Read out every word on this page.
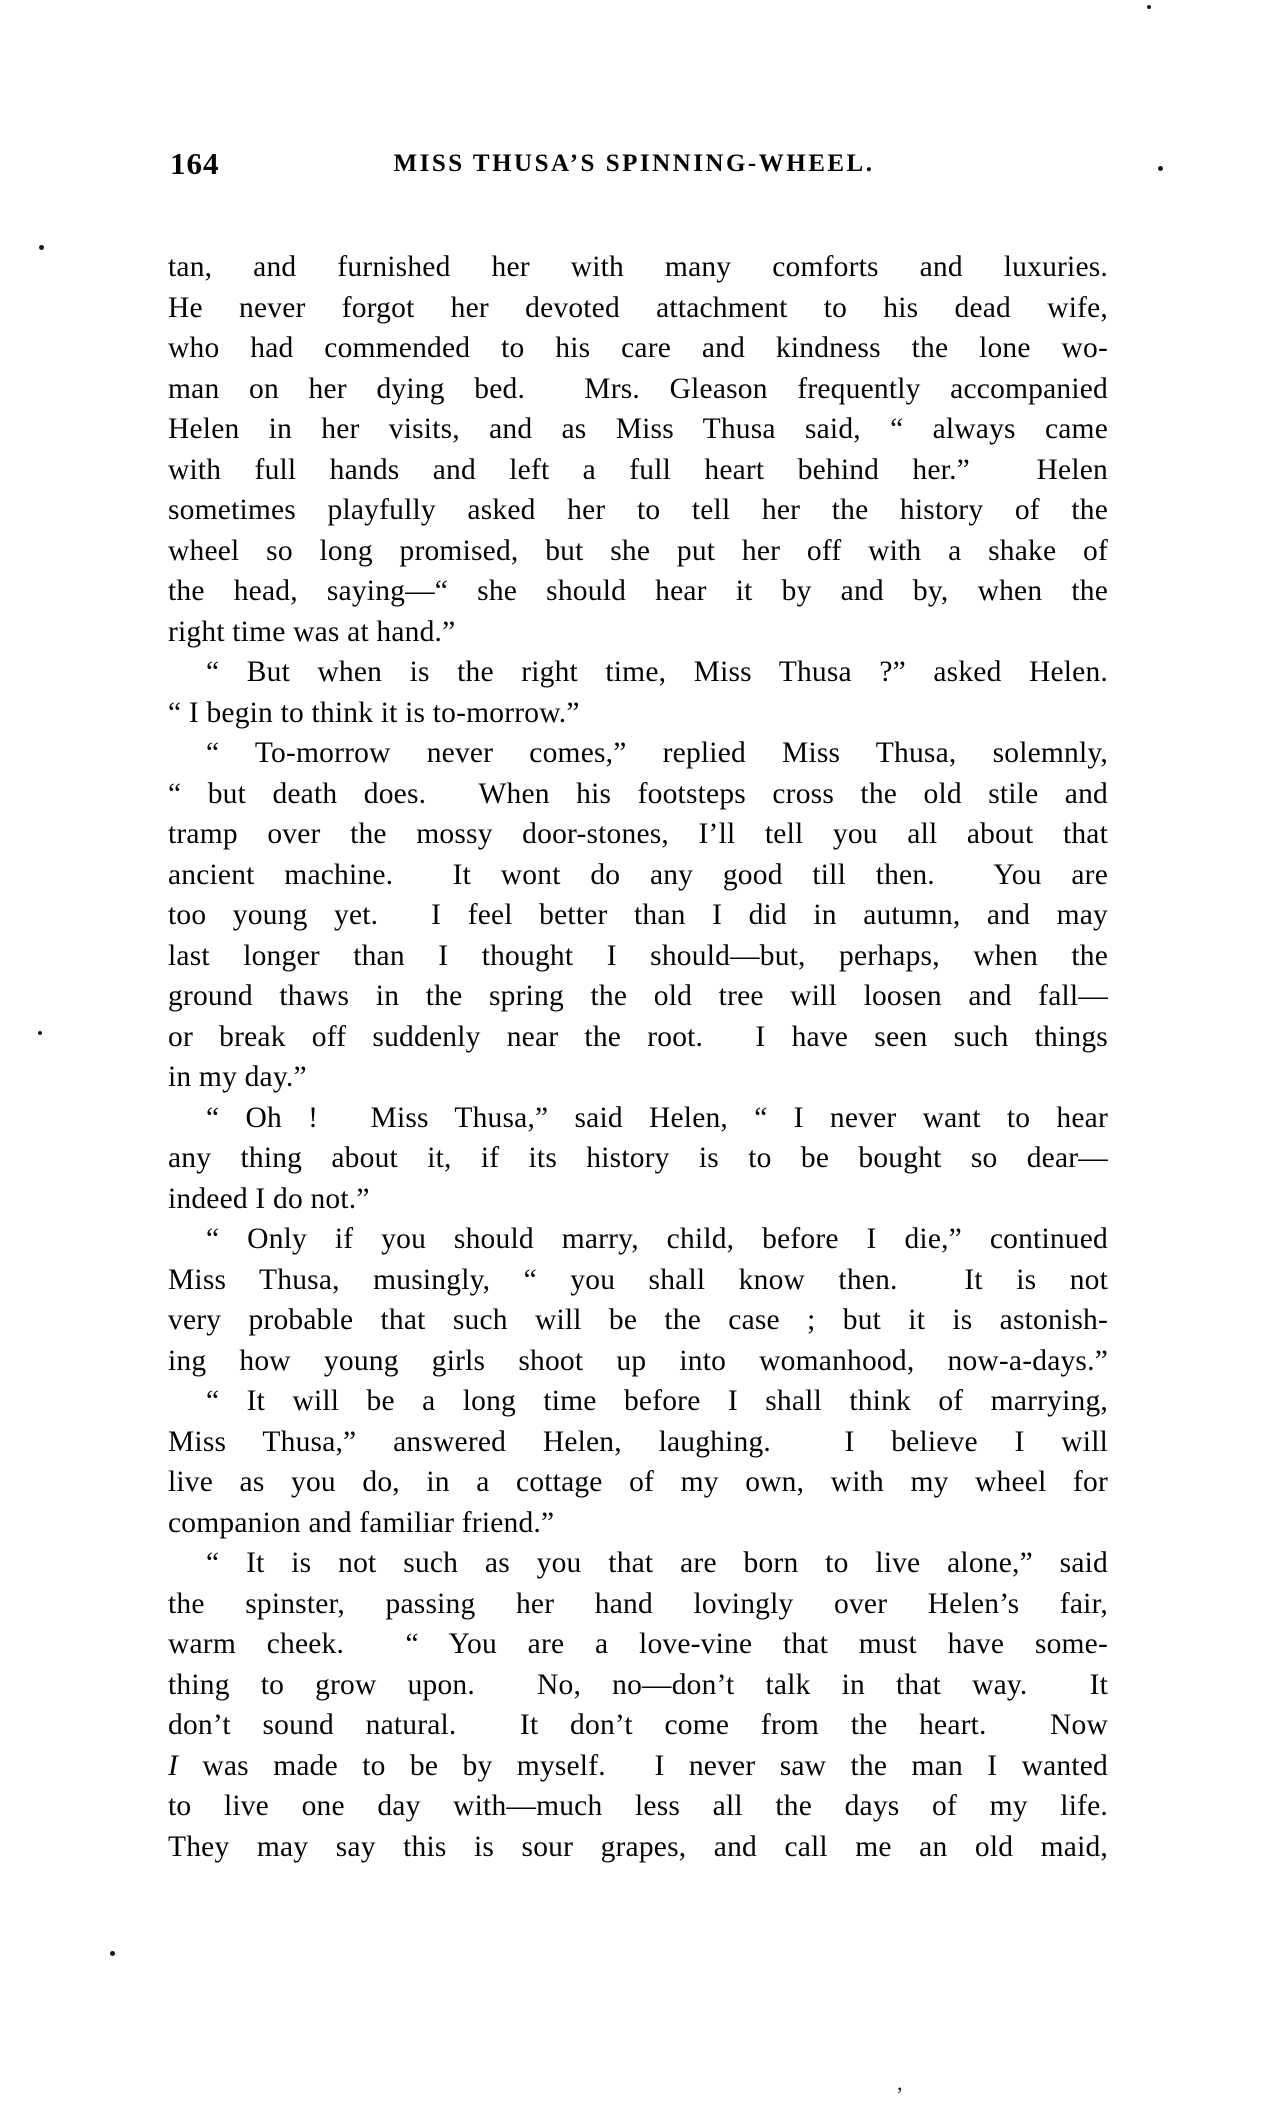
164	MISS THUSA’S SPINNING-WHEEL.
tan, and furnished her with many comforts and luxuries.
He never forgot her devoted attachment to his dead wife,
who had commended to his care and kindness the lone wo-
man on her dying bed.  Mrs. Gleason frequently accompanied
Helen in her visits, and as Miss Thusa said, “ always came
with full hands and left a full heart behind her.”  Helen
sometimes playfully asked her to tell her the history of the
wheel so long promised, but she put her off with a shake of
the head, saying—“ she should hear it by and by, when the
right time was at hand.”
“ But when is the right time, Miss Thusa ?” asked Helen.
“ I begin to think it is to-morrow.”
“ To-morrow never comes,” replied Miss Thusa, solemnly,
“ but death does.  When his footsteps cross the old stile and
tramp over the mossy door-stones, I’ll tell you all about that
ancient machine.  It wont do any good till then.  You are
too young yet.  I feel better than I did in autumn, and may
last longer than I thought I should—but, perhaps, when the
ground thaws in the spring the old tree will loosen and fall—
or break off suddenly near the root.  I have seen such things
in my day.”
“ Oh !  Miss Thusa,” said Helen, “ I never want to hear
any thing about it, if its history is to be bought so dear—
indeed I do not.”
“ Only if you should marry, child, before I die,” continued
Miss Thusa, musingly, “ you shall know then.  It is not
very probable that such will be the case ; but it is astonish-
ing how young girls shoot up into womanhood, now-a-days.”
“ It will be a long time before I shall think of marrying,
Miss Thusa,” answered Helen, laughing.  I believe I will
live as you do, in a cottage of my own, with my wheel for
companion and familiar friend.”
“ It is not such as you that are born to live alone,” said
the spinster, passing her hand lovingly over Helen’s fair,
warm cheek.  “ You are a love-vine that must have some-
thing to grow upon.  No, no—don’t talk in that way.  It
don’t sound natural.  It don’t come from the heart.  Now
I was made to be by myself.  I never saw the man I wanted
to live one day with—much less all the days of my life.
They may say this is sour grapes, and call me an old maid,
‚
